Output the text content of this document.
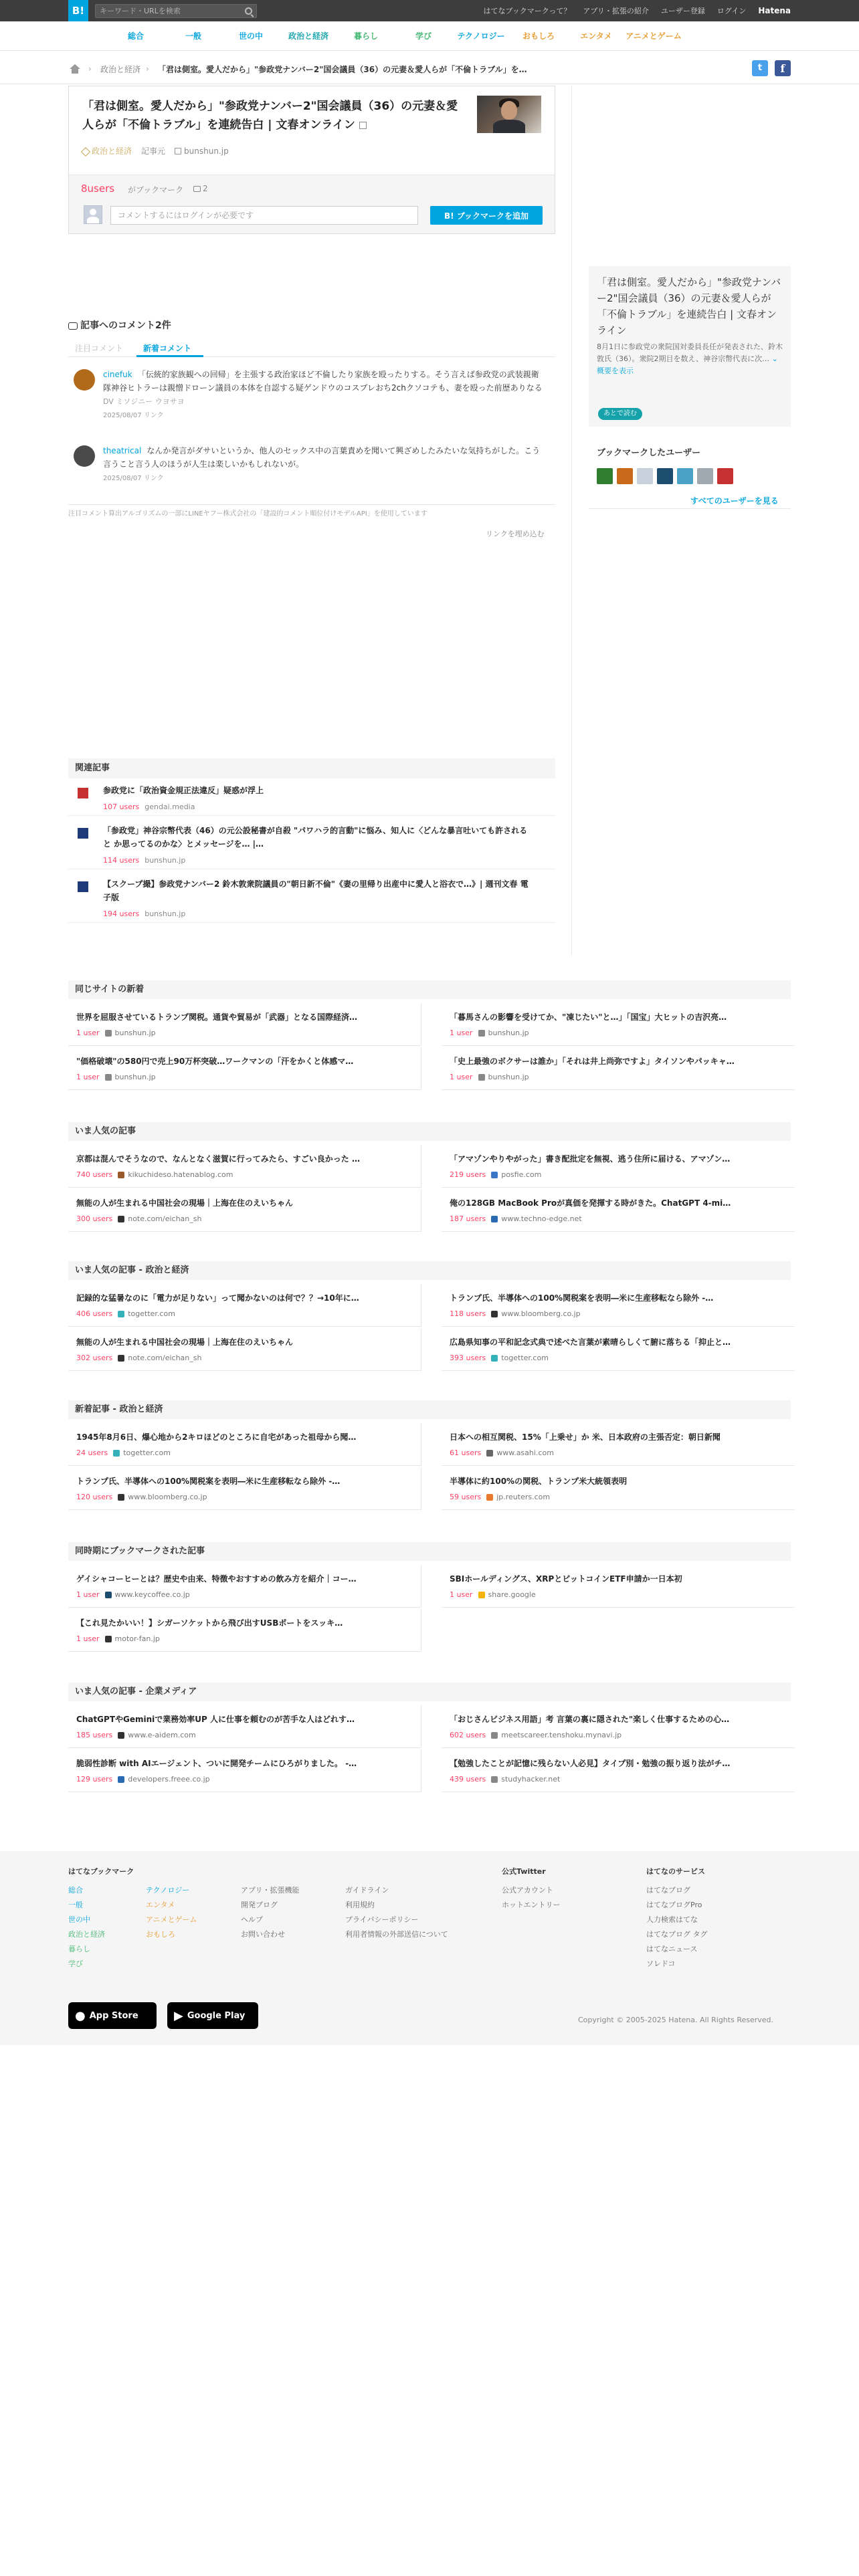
B!
キーワード・URLを検索	はてなブックマークって？ アプリ・拡張の紹介 ユーザー登録 ログイン Hatena
総合	一般	世の中	政治と経済	暮らし	学び	テクノロジー	おもしろ	エンタメ	アニメとゲーム
› 政治と経済 › 「君は側室。愛人だから」"参政党ナンバー2"国会議員（36）の元妻＆愛人らが「不倫トラブル」を…	t	f
「君は側室。愛人だから」"参政党ナンバー2"国会議員（36）の元妻＆愛人らが「不倫トラブル」を連続告白 | 文春オンライン
政治と経済 記事元	bunshun.jp
8users がブックマーク	2
コメントするにはログインが必要です
B! ブックマークを追加
「君は側室。愛人だから」"参政党ナンバー2"国会議員（36）の元妻＆愛人らが「不倫トラブル」を連続告白 | 文春オンライン
8月1日に参政党の衆院国対委員長任が発表された、鈴木敦氏（36）。衆院2期目を数え、神谷宗幣代表に次… ⌄ 概要を表示
あとで読む
ブックマークしたユーザー
すべてのユーザーを見る
記事へのコメント2件
注目コメント 新着コメント
cinefuk 「伝統的家族観への回帰」を主張する政治家ほど不倫したり家族を殴ったりする。そう言えば参政党の武装親衛隊神谷ヒトラーは親憎ドローン議員の本体を自認する疑ゲンドウのコスプレおち2chクソコテも、妻を殴った前歴ありなる DV ミソジニー ウヨサヨ
2025/08/07 リンク
theatrical なんか発言がダサいというか、他人のセックス中の言葉責めを聞いて興ざめしたみたいな気持ちがした。こう言うこと言う人のほうが人生は楽しいかもしれないが。
2025/08/07 リンク
注目コメント算出アルゴリズムの一部にLINEヤフー株式会社の「建設的コメント順位付けモデルAPI」を使用しています
リンクを埋め込む
関連記事
参政党に「政治資金規正法違反」疑惑が浮上
107 users gendai.media
「参政党」神谷宗幣代表（46）の元公設秘書が自殺 "パワハラ的言動"に悩み、知人に〈どんな暴言吐いても許されると か思ってるのかな〉とメッセージを… |…
114 users bunshun.jp
【スクープ撮】参政党ナンバー2 鈴木敦衆院議員の"朝日新不倫"《妻の里帰り出産中に愛人と浴衣で…》| 週刊文春 電子版
194 users bunshun.jp
同じサイトの新着
世界を屈服させているトランプ関税。通貨や貿易が「武器」となる国際経済…
1 user bunshun.jp
「暮馬さんの影響を受けてか、"凍じたい"と…」「国宝」大ヒットの吉沢亮…
1 user bunshun.jp
"価格破壊"の580円で売上90万杯突破…ワークマンの「汗をかくと体感マ…
1 user bunshun.jp
「史上最強のボクサーは誰か」「それは井上尚弥ですよ」タイソンやパッキャ…
1 user bunshun.jp
いま人気の記事
京都は混んでそうなので、なんとなく滋賀に行ってみたら、すごい良かった …
740 users kikuchideso.hatenablog.com
「アマゾンやりやがった」書き配批定を無視、逃う住所に届ける、アマゾン…
219 users posfie.com
無能の人が生まれる中国社会の現場｜上海在住のえいちゃん
300 users note.com/eichan_sh
俺の128GB MacBook Proが真価を発揮する時がきた。ChatGPT 4-mi…
187 users www.techno-edge.net
いま人気の記事 - 政治と経済
記録的な猛暑なのに「電力が足りない」って聞かないのは何で？？→10年に…
406 users togetter.com
トランプ氏、半導体への100%関税案を表明―米に生産移転なら除外 -…
118 users www.bloomberg.co.jp
無能の人が生まれる中国社会の現場｜上海在住のえいちゃん
302 users note.com/eichan_sh
広島県知事の平和記念式典で述べた言葉が素晴らしくて腑に落ちる「抑止と…
393 users togetter.com
新着記事 - 政治と経済
1945年8月6日、爆心地から2キロほどのところに自宅があった祖母から聞…
24 users togetter.com
日本への相互関税、15%「上乗せ」か 米、日本政府の主張否定：朝日新聞
61 users www.asahi.com
トランプ氏、半導体への100%関税案を表明―米に生産移転なら除外 -…
120 users www.bloomberg.co.jp
半導体に約100%の関税、トランプ米大統領表明
59 users jp.reuters.com
同時期にブックマークされた記事
ゲイシャコーヒーとは？歴史や由来、特徴やおすすめの飲み方を紹介｜コー…
1 user www.keycoffee.co.jp
SBIホールディングス、XRPとビットコインETF申請か一日本初
1 user share.google
【これ見たかいい！】シガーソケットから飛び出すUSBポートをスッキ…
1 user motor-fan.jp
いま人気の記事 - 企業メディア
ChatGPTやGeminiで業務効率UP 人に仕事を頼むのが苦手な人はどれす…
185 users www.e-aidem.com
「おじさんビジネス用語」考 言葉の裏に隠された"楽しく仕事するための心…
602 users meetscareer.tenshoku.mynavi.jp
脆弱性診断 with AIエージェント、ついに開発チームにひろがりました。 -…
129 users developers.freee.co.jp
【勉強したことが記憶に残らない人必見】タイプ別・勉強の振り返り法がチ…
439 users studyhacker.net
はてなブックマーク
総合
一般
世の中
政治と経済
暮らし
学び
テクノロジー
エンタメ
アニメとゲーム
おもしろ
アプリ・拡張機能
開発ブログ
ヘルプ
お問い合わせ
ガイドライン
利用規約
プライバシーポリシー
利用者情報の外部送信について
公式Twitter
公式アカウント
ホットエントリー
はてなのサービス
はてなブログ
はてなブログPro
人力検索はてな
はてなブログ タグ
はてなニュース
ソレドコ
● App Store	▶ Google Play	Copyright © 2005-2025 Hatena. All Rights Reserved.
